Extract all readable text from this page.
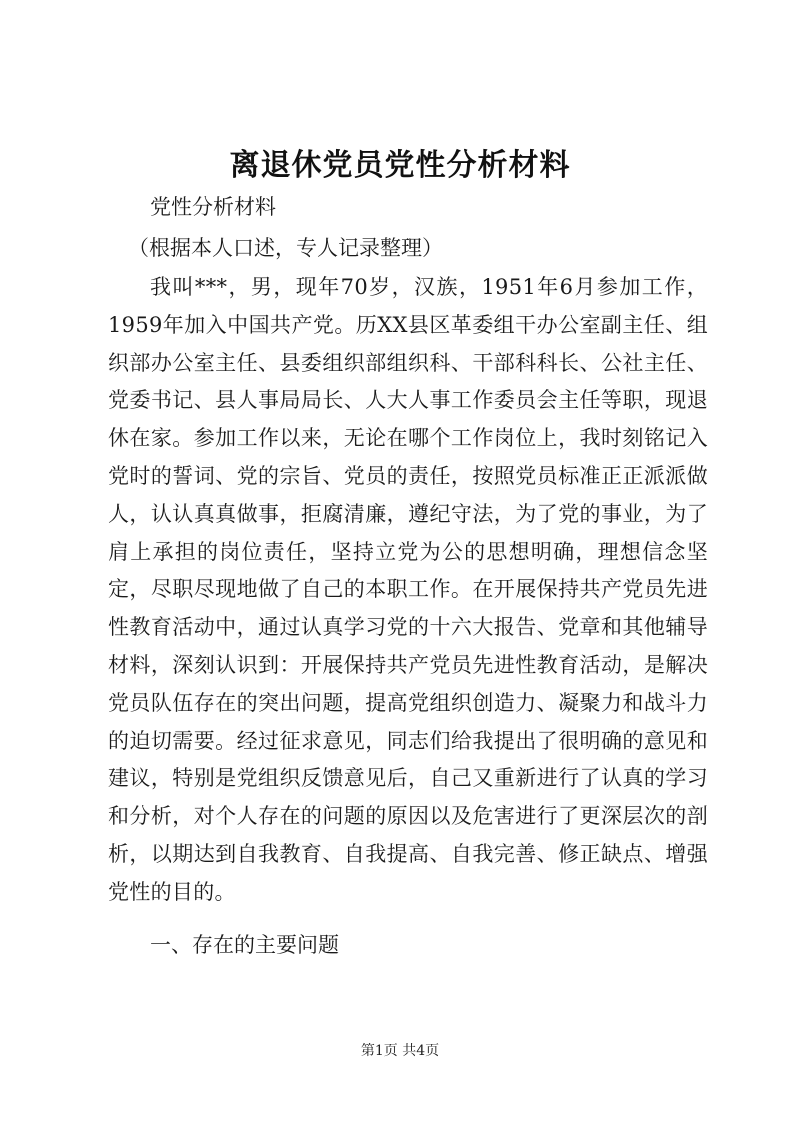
离退休党员党性分析材料
党性分析材料
（根据本人口述，专人记录整理）
我叫***，男，现年70岁，汉族，1951年6月参加工作，1959年加入中国共产党。历XX县区革委组干办公室副主任、组织部办公室主任、县委组织部组织科、干部科科长、公社主任、党委书记、县人事局局长、人大人事工作委员会主任等职，现退休在家。参加工作以来，无论在哪个工作岗位上，我时刻铭记入党时的誓词、党的宗旨、党员的责任，按照党员标准正正派派做人，认认真真做事，拒腐清廉，遵纪守法，为了党的事业，为了肩上承担的岗位责任，坚持立党为公的思想明确，理想信念坚定，尽职尽现地做了自己的本职工作。在开展保持共产党员先进性教育活动中，通过认真学习党的十六大报告、党章和其他辅导材料，深刻认识到：开展保持共产党员先进性教育活动，是解决党员队伍存在的突出问题，提高党组织创造力、凝聚力和战斗力的迫切需要。经过征求意见，同志们给我提出了很明确的意见和建议，特别是党组织反馈意见后，自己又重新进行了认真的学习和分析，对个人存在的问题的原因以及危害进行了更深层次的剖析，以期达到自我教育、自我提高、自我完善、修正缺点、增强党性的目的。
一、存在的主要问题
第1页 共4页
